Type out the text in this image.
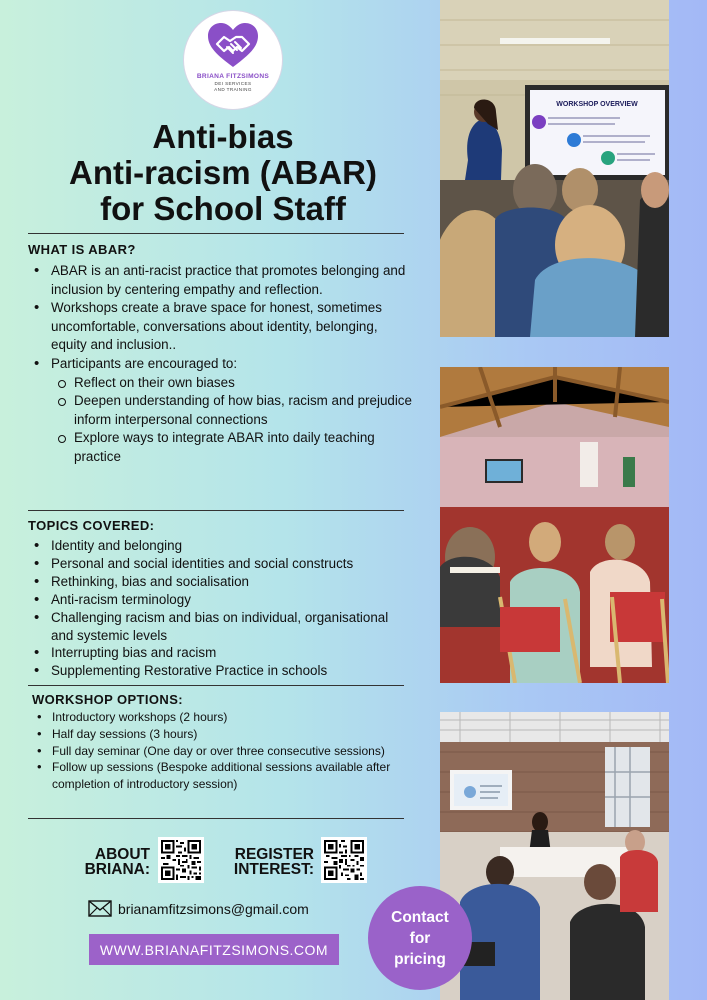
BRIANA FITZSIMONS
DEI SERVICES
AND TRAINING
Anti-bias
Anti-racism (ABAR)
for School Staff
WHAT IS ABAR?
• ABAR is an anti-racist practice that promotes belonging and inclusion by centering empathy and reflection.
• Workshops create a brave space for honest, sometimes uncomfortable, conversations about identity, belonging, equity and inclusion..
• Participants are encouraged to:
Reflect on their own biases
Deepen understanding of how bias, racism and prejudice inform interpersonal connections
Explore ways to integrate ABAR into daily teaching practice
TOPICS COVERED:
• Identity and belonging
• Personal and social identities and social constructs
• Rethinking, bias and socialisation
• Anti-racism terminology
• Challenging racism and bias on individual, organisational and systemic levels
• Interrupting bias and racism
• Supplementing Restorative Practice in schools
WORKSHOP OPTIONS:
• Introductory workshops (2 hours)
• Half day sessions (3 hours)
• Full day seminar (One day or over three consecutive sessions)
• Follow up sessions (Bespoke additional sessions available after completion of introductory session)
ABOUT
BRIANA:
REGISTER
INTEREST:
brianamfitzsimons@gmail.com
WWW.BRIANAFITZSIMONS.COM
WORKSHOP OVERVIEW
Contact
for
pricing
